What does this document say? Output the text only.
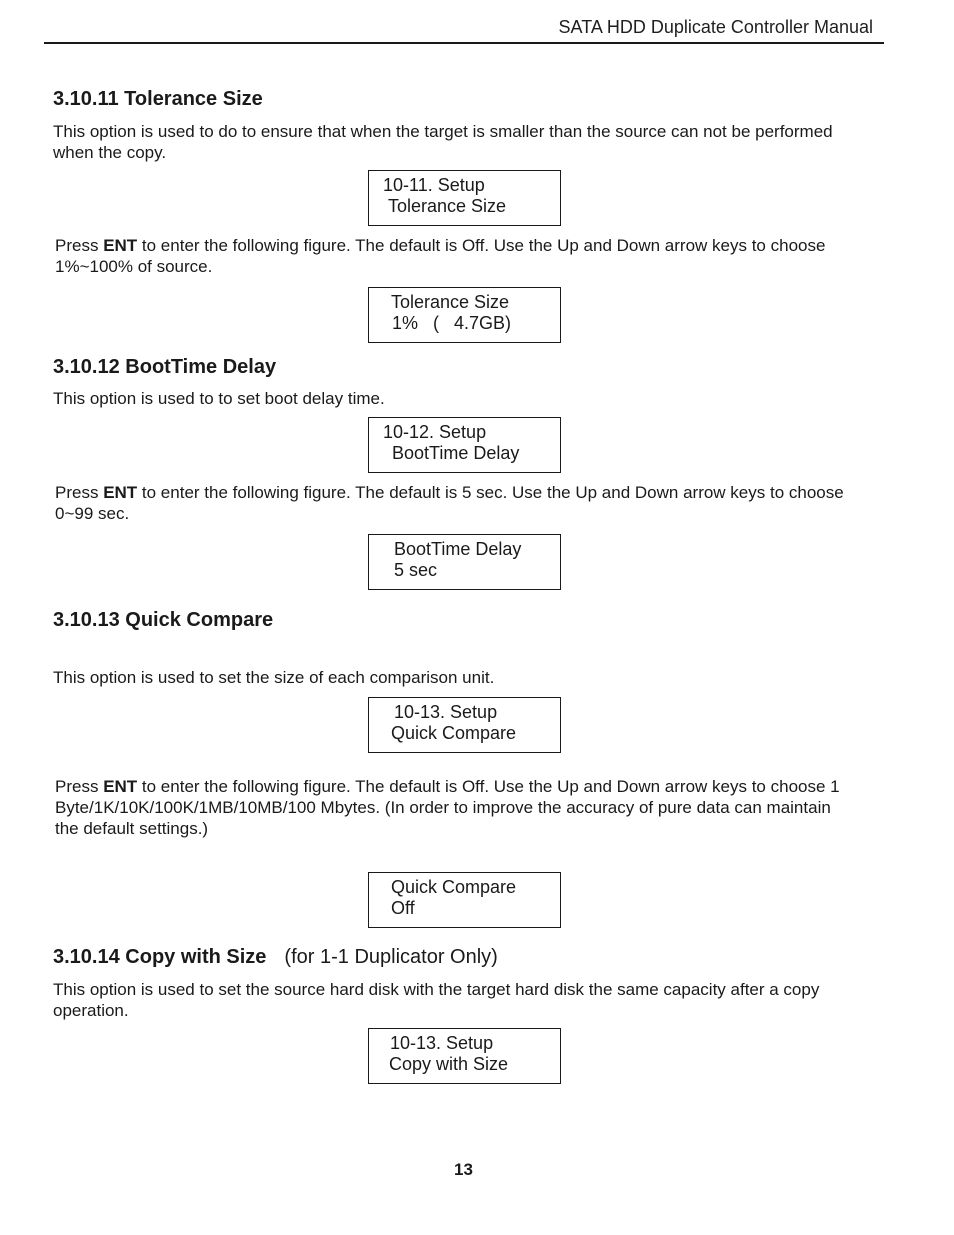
SATA HDD Duplicate Controller Manual
3.10.11 Tolerance Size
This option is used to do to ensure that when the target is smaller than the source can not be performed when the copy.
10-11. Setup
Tolerance Size
Press ENT to enter the following figure. The default is Off. Use the Up and Down arrow keys to choose 1%~100% of source.
Tolerance Size
1%   (   4.7GB)
3.10.12 BootTime Delay
This option is used to to set boot delay time.
10-12. Setup
BootTime Delay
Press ENT to enter the following figure. The default is 5 sec. Use the Up and Down arrow keys to choose 0~99 sec.
BootTime Delay
5 sec
3.10.13 Quick Compare
This option is used to set the size of each comparison unit.
10-13. Setup
Quick Compare
Press ENT to enter the following figure. The default is Off. Use the Up and Down arrow keys to choose 1 Byte/1K/10K/100K/1MB/10MB/100 Mbytes. (In order to improve the accuracy of pure data can maintain the default settings.)
Quick Compare
Off
3.10.14 Copy with Size (for 1-1 Duplicator Only)
This option is used to set the source hard disk with the target hard disk the same capacity after a copy operation.
10-13. Setup
Copy with Size
13
